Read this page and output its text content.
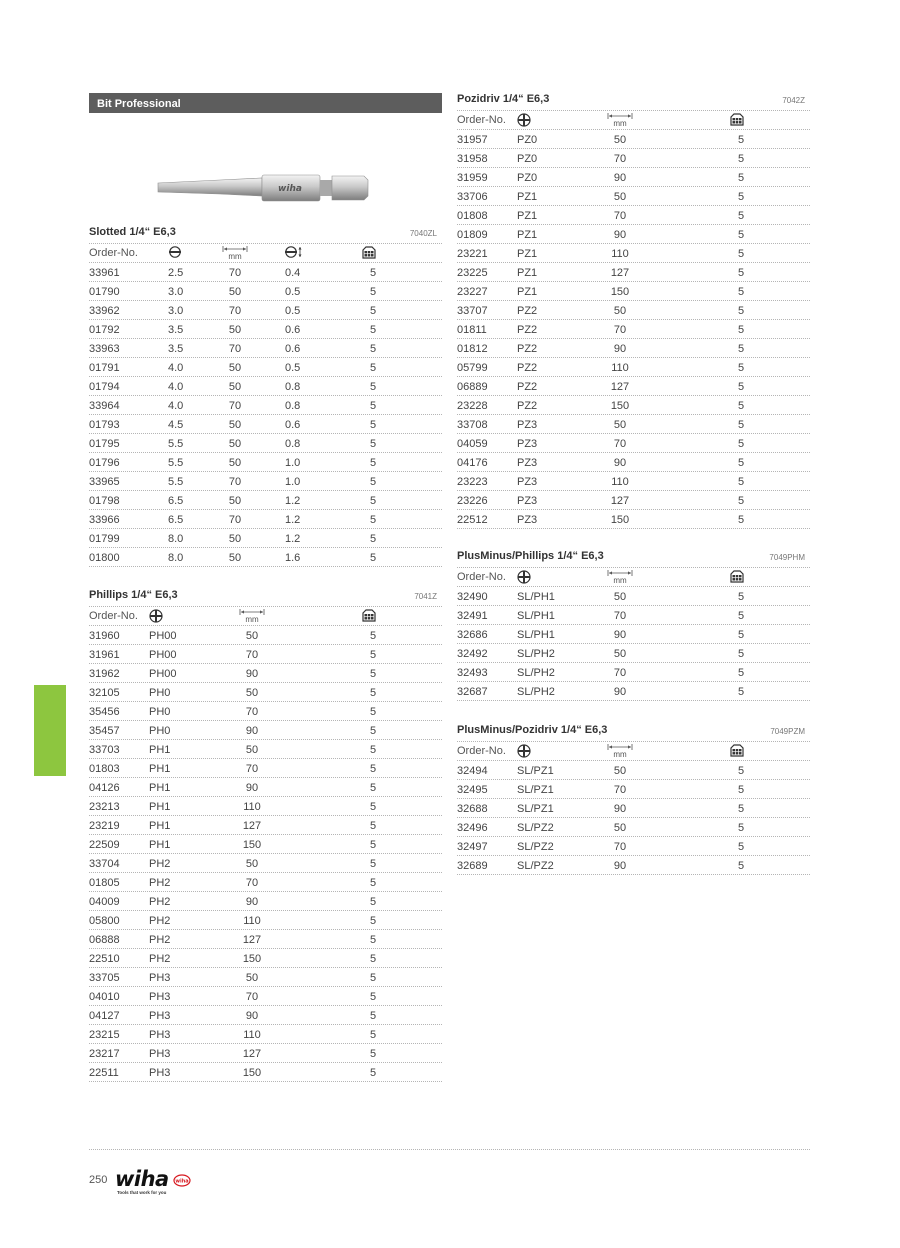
Bit Professional
wiha
Slotted 1/4“ E6,3	7040ZL
Order-No.	mm
33961	2.5	70	0.4	5
01790	3.0	50	0.5	5
33962	3.0	70	0.5	5
01792	3.5	50	0.6	5
33963	3.5	70	0.6	5
01791	4.0	50	0.5	5
01794	4.0	50	0.8	5
33964	4.0	70	0.8	5
01793	4.5	50	0.6	5
01795	5.5	50	0.8	5
01796	5.5	50	1.0	5
33965	5.5	70	1.0	5
01798	6.5	50	1.2	5
33966	6.5	70	1.2	5
01799	8.0	50	1.2	5
01800	8.0	50	1.6	5
Phillips 1/4“ E6,3	7041Z
Order-No.	mm
31960	PH00	50	5
31961	PH00	70	5
31962	PH00	90	5
32105	PH0	50	5
35456	PH0	70	5
35457	PH0	90	5
33703	PH1	50	5
01803	PH1	70	5
04126	PH1	90	5
23213	PH1	110	5
23219	PH1	127	5
22509	PH1	150	5
33704	PH2	50	5
01805	PH2	70	5
04009	PH2	90	5
05800	PH2	110	5
06888	PH2	127	5
22510	PH2	150	5
33705	PH3	50	5
04010	PH3	70	5
04127	PH3	90	5
23215	PH3	110	5
23217	PH3	127	5
22511	PH3	150	5
Pozidriv 1/4“ E6,3	7042Z
Order-No.	mm
31957	PZ0	50	5
31958	PZ0	70	5
31959	PZ0	90	5
33706	PZ1	50	5
01808	PZ1	70	5
01809	PZ1	90	5
23221	PZ1	110	5
23225	PZ1	127	5
23227	PZ1	150	5
33707	PZ2	50	5
01811	PZ2	70	5
01812	PZ2	90	5
05799	PZ2	110	5
06889	PZ2	127	5
23228	PZ2	150	5
33708	PZ3	50	5
04059	PZ3	70	5
04176	PZ3	90	5
23223	PZ3	110	5
23226	PZ3	127	5
22512	PZ3	150	5
PlusMinus/Phillips 1/4“ E6,3	7049PHM
Order-No.	mm
32490	SL/PH1	50	5
32491	SL/PH1	70	5
32686	SL/PH1	90	5
32492	SL/PH2	50	5
32493	SL/PH2	70	5
32687	SL/PH2	90	5
PlusMinus/Pozidriv 1/4“ E6,3	7049PZM
Order-No.	mm
32494	SL/PZ1	50	5
32495	SL/PZ1	70	5
32688	SL/PZ1	90	5
32496	SL/PZ2	50	5
32497	SL/PZ2	70	5
32689	SL/PZ2	90	5
250 wiha
Tools that work for you
wiha
